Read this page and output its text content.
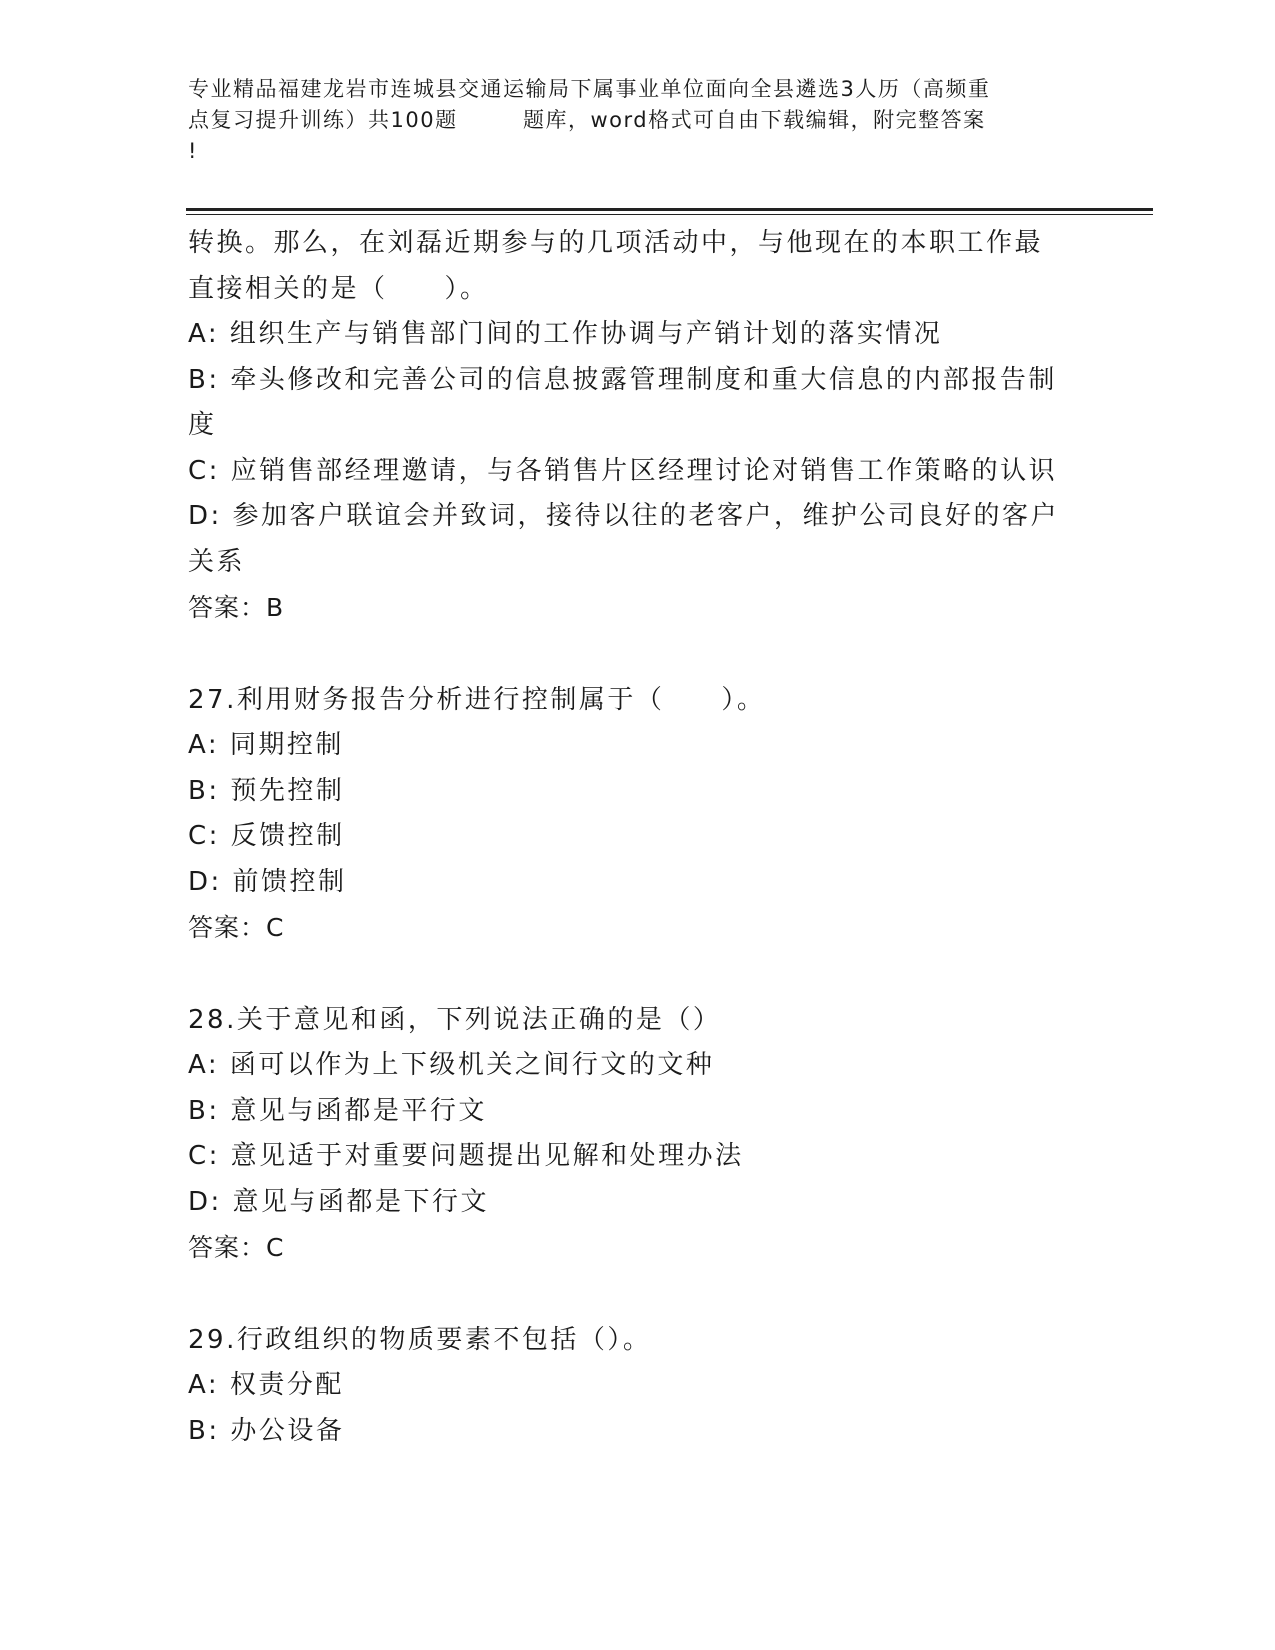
专业精品福建龙岩市连城县交通运输局下属事业单位面向全县遴选3人历（高频重
点复习提升训练）共100题        题库，word格式可自由下载编辑，附完整答案
!
转换。那么，在刘磊近期参与的几项活动中，与他现在的本职工作最
直接相关的是（　　）。
A: 组织生产与销售部门间的工作协调与产销计划的落实情况
B: 牵头修改和完善公司的信息披露管理制度和重大信息的内部报告制
度
C: 应销售部经理邀请，与各销售片区经理讨论对销售工作策略的认识
D: 参加客户联谊会并致词，接待以往的老客户，维护公司良好的客户
关系
答案：B
27.利用财务报告分析进行控制属于（　　）。
A: 同期控制
B: 预先控制
C: 反馈控制
D: 前馈控制
答案：C
28.关于意见和函，下列说法正确的是（）
A: 函可以作为上下级机关之间行文的文种
B: 意见与函都是平行文
C: 意见适于对重要问题提出见解和处理办法
D: 意见与函都是下行文
答案：C
29.行政组织的物质要素不包括（）。
A: 权责分配
B: 办公设备
